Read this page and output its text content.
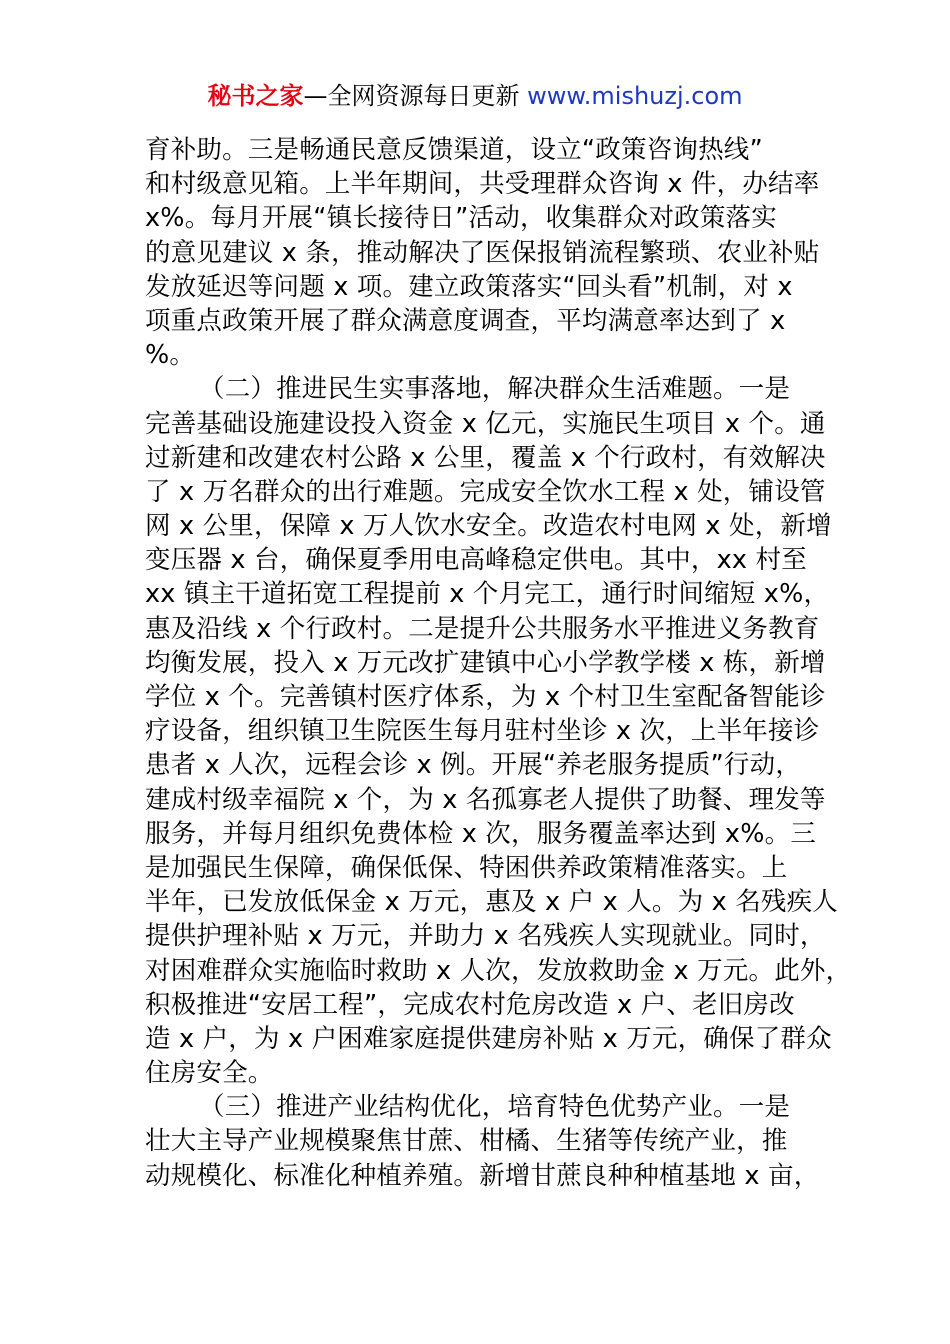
秘书之家—全网资源每日更新 www.mishuzj.com
育补助。三是畅通民意反馈渠道，设立“政策咨询热线”
和村级意见箱。上半年期间，共受理群众咨询 x 件，办结率
x%。每月开展“镇长接待日”活动，收集群众对政策落实
的意见建议 x 条，推动解决了医保报销流程繁琐、农业补贴
发放延迟等问题 x 项。建立政策落实“回头看”机制，对 x
项重点政策开展了群众满意度调查，平均满意率达到了 x
%。
（二）推进民生实事落地，解决群众生活难题。一是
完善基础设施建设投入资金 x 亿元，实施民生项目 x 个。通
过新建和改建农村公路 x 公里，覆盖 x 个行政村，有效解决
了 x 万名群众的出行难题。完成安全饮水工程 x 处，铺设管
网 x 公里，保障 x 万人饮水安全。改造农村电网 x 处，新增
变压器 x 台，确保夏季用电高峰稳定供电。其中，xx 村至
xx 镇主干道拓宽工程提前 x 个月完工，通行时间缩短 x%，
惠及沿线 x 个行政村。二是提升公共服务水平推进义务教育
均衡发展，投入 x 万元改扩建镇中心小学教学楼 x 栋，新增
学位 x 个。完善镇村医疗体系，为 x 个村卫生室配备智能诊
疗设备，组织镇卫生院医生每月驻村坐诊 x 次，上半年接诊
患者 x 人次，远程会诊 x 例。开展“养老服务提质”行动，
建成村级幸福院 x 个，为 x 名孤寡老人提供了助餐、理发等
服务，并每月组织免费体检 x 次，服务覆盖率达到 x%。三
是加强民生保障，确保低保、特困供养政策精准落实。上
半年，已发放低保金 x 万元，惠及 x 户 x 人。为 x 名残疾人
提供护理补贴 x 万元，并助力 x 名残疾人实现就业。同时，
对困难群众实施临时救助 x 人次，发放救助金 x 万元。此外，
积极推进“安居工程”，完成农村危房改造 x 户、老旧房改
造 x 户，为 x 户困难家庭提供建房补贴 x 万元，确保了群众
住房安全。
（三）推进产业结构优化，培育特色优势产业。一是
壮大主导产业规模聚焦甘蔗、柑橘、生猪等传统产业，推
动规模化、标准化种植养殖。新增甘蔗良种种植基地 x 亩，
